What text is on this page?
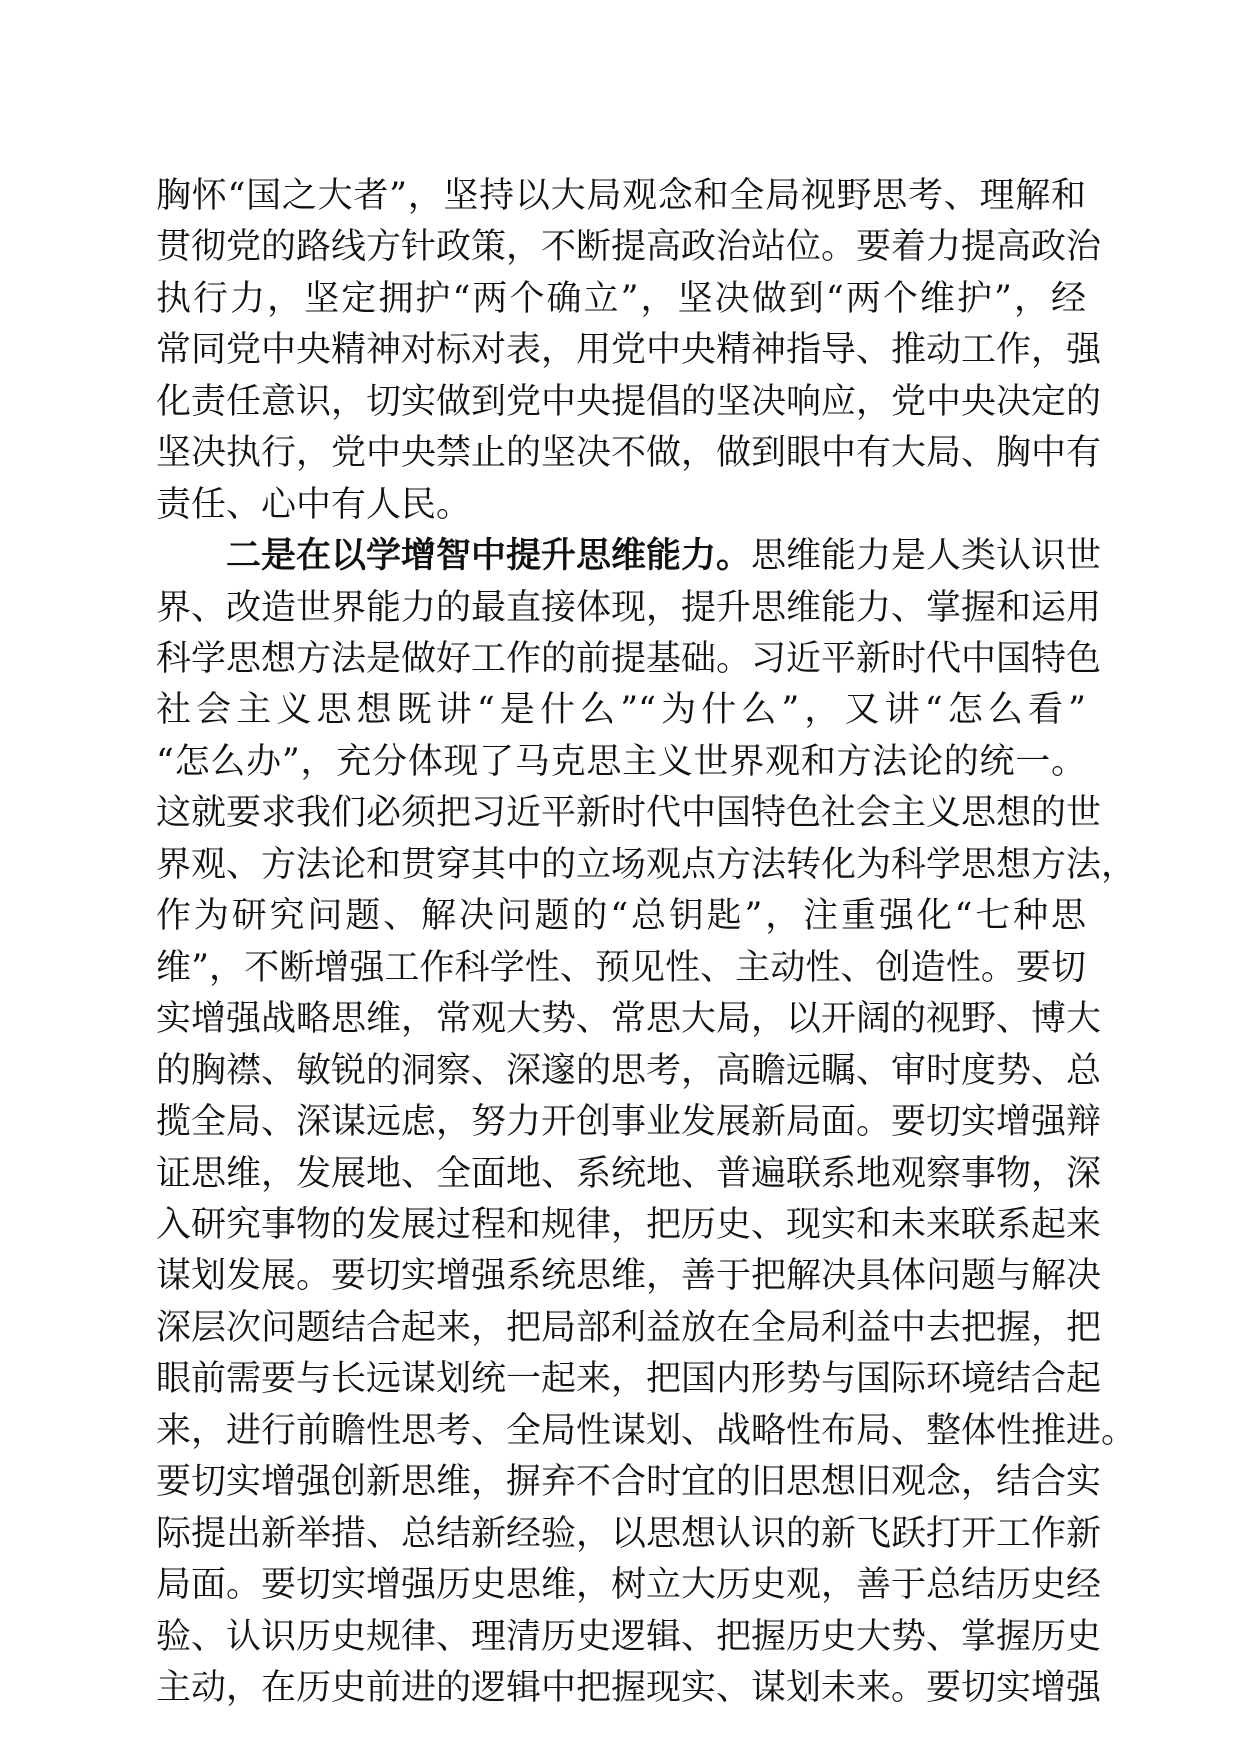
胸怀“国之大者”，坚持以大局观念和全局视野思考、理解和
贯彻党的路线方针政策，不断提高政治站位。要着力提高政治
执行力，坚定拥护“两个确立”，坚决做到“两个维护”，经
常同党中央精神对标对表，用党中央精神指导、推动工作，强
化责任意识，切实做到党中央提倡的坚决响应，党中央决定的
坚决执行，党中央禁止的坚决不做，做到眼中有大局、胸中有
责任、心中有人民。
二是在以学增智中提升思维能力。思维能力是人类认识世
界、改造世界能力的最直接体现，提升思维能力、掌握和运用
科学思想方法是做好工作的前提基础。习近平新时代中国特色
社会主义思想既讲“是什么”“为什么”，又讲“怎么看”
“怎么办”，充分体现了马克思主义世界观和方法论的统一。
这就要求我们必须把习近平新时代中国特色社会主义思想的世
界观、方法论和贯穿其中的立场观点方法转化为科学思想方法，
作为研究问题、解决问题的“总钥匙”，注重强化“七种思
维”，不断增强工作科学性、预见性、主动性、创造性。要切
实增强战略思维，常观大势、常思大局，以开阔的视野、博大
的胸襟、敏锐的洞察、深邃的思考，高瞻远瞩、审时度势、总
揽全局、深谋远虑，努力开创事业发展新局面。要切实增强辩
证思维，发展地、全面地、系统地、普遍联系地观察事物，深
入研究事物的发展过程和规律，把历史、现实和未来联系起来
谋划发展。要切实增强系统思维，善于把解决具体问题与解决
深层次问题结合起来，把局部利益放在全局利益中去把握，把
眼前需要与长远谋划统一起来，把国内形势与国际环境结合起
来，进行前瞻性思考、全局性谋划、战略性布局、整体性推进。
要切实增强创新思维，摒弃不合时宜的旧思想旧观念，结合实
际提出新举措、总结新经验，以思想认识的新飞跃打开工作新
局面。要切实增强历史思维，树立大历史观，善于总结历史经
验、认识历史规律、理清历史逻辑、把握历史大势、掌握历史
主动，在历史前进的逻辑中把握现实、谋划未来。要切实增强
